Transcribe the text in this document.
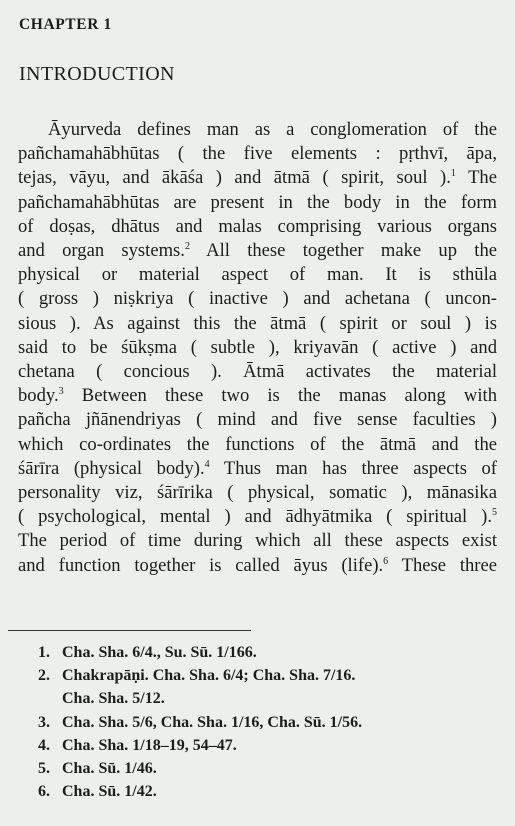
CHAPTER 1
INTRODUCTION
Āyurveda defines man as a conglomeration of the
pañchamahābhūtas ( the five elements : pṛthvī, āpa,
tejas, vāyu, and ākāśa ) and ātmā ( spirit, soul ).$^1$ The
pañchamahābhūtas are present in the body in the form
of doṣas, dhātus and malas comprising various organs
and organ systems.$^2$ All these together make up the
physical or material aspect of man. It is sthūla
( gross ) niṣkriya ( inactive ) and achetana ( uncon-
sious ). As against this the ātmā ( spirit or soul ) is
said to be śūkṣma ( subtle ), kriyavān ( active ) and
chetana ( concious ). Ātmā activates the material
body.$^3$ Between these two is the manas along with
pañcha jñānendriyas ( mind and five sense faculties )
which co-ordinates the functions of the ātmā and the
śārīra (physical body).$^4$ Thus man has three aspects of
personality viz, śārīrika ( physical, somatic ), mānasika
( psychological, mental ) and ādhyātmika ( spiritual ).$^5$
The period of time during which all these aspects exist
and function together is called āyus (life).$^6$ These three
1. Cha. Sha. 6/4., Su. Sū. 1/166.
2. Chakrapāṇi. Cha. Sha. 6/4; Cha. Sha. 7/16.
Cha. Sha. 5/12.
3. Cha. Sha. 5/6, Cha. Sha. 1/16, Cha. Sū. 1/56.
4. Cha. Sha. 1/18–19, 54–47.
5. Cha. Sū. 1/46.
6. Cha. Sū. 1/42.
